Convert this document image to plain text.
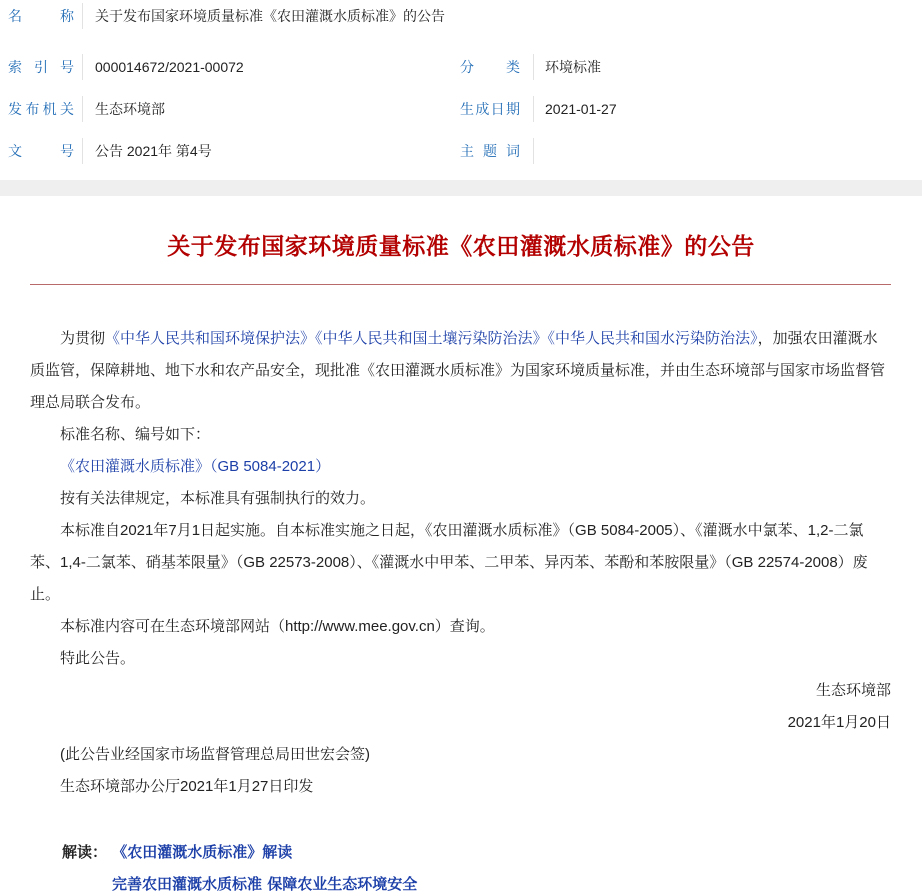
名　称 关于发布国家环境质量标准《农田灌溉水质标准》的公告
索引号 000014672/2021-00072	分　类 环境标准
发布机关 生态环境部	生成日期 2021-01-27
文　号 公告 2021年 第4号	主题词
关于发布国家环境质量标准《农田灌溉水质标准》的公告

为贯彻《中华人民共和国环境保护法》《中华人民共和国土壤污染防治法》《中华人民共和国水污染防治法》，加强农田灌溉水质监管，保障耕地、地下水和农产品安全，现批准《农田灌溉水质标准》为国家环境质量标准，并由生态环境部与国家市场监督管理总局联合发布。

标准名称、编号如下：

《农田灌溉水质标准》（GB 5084-2021）

按有关法律规定，本标准具有强制执行的效力。

本标准自2021年7月1日起实施。自本标准实施之日起，《农田灌溉水质标准》（GB 5084-2005）、《灌溉水中氯苯、1,2-二氯苯、1,4-二氯苯、硝基苯限量》（GB 22573-2008）、《灌溉水中甲苯、二甲苯、异丙苯、苯酚和苯胺限量》（GB 22574-2008）废止。

本标准内容可在生态环境部网站（http://www.mee.gov.cn）查询。

特此公告。

生态环境部

2021年1月20日

(此公告业经国家市场监督管理总局田世宏会签)

生态环境部办公厅2021年1月27日印发

解读： 《农田灌溉水质标准》解读
完善农田灌溉水质标准 保障农业生态环境安全
